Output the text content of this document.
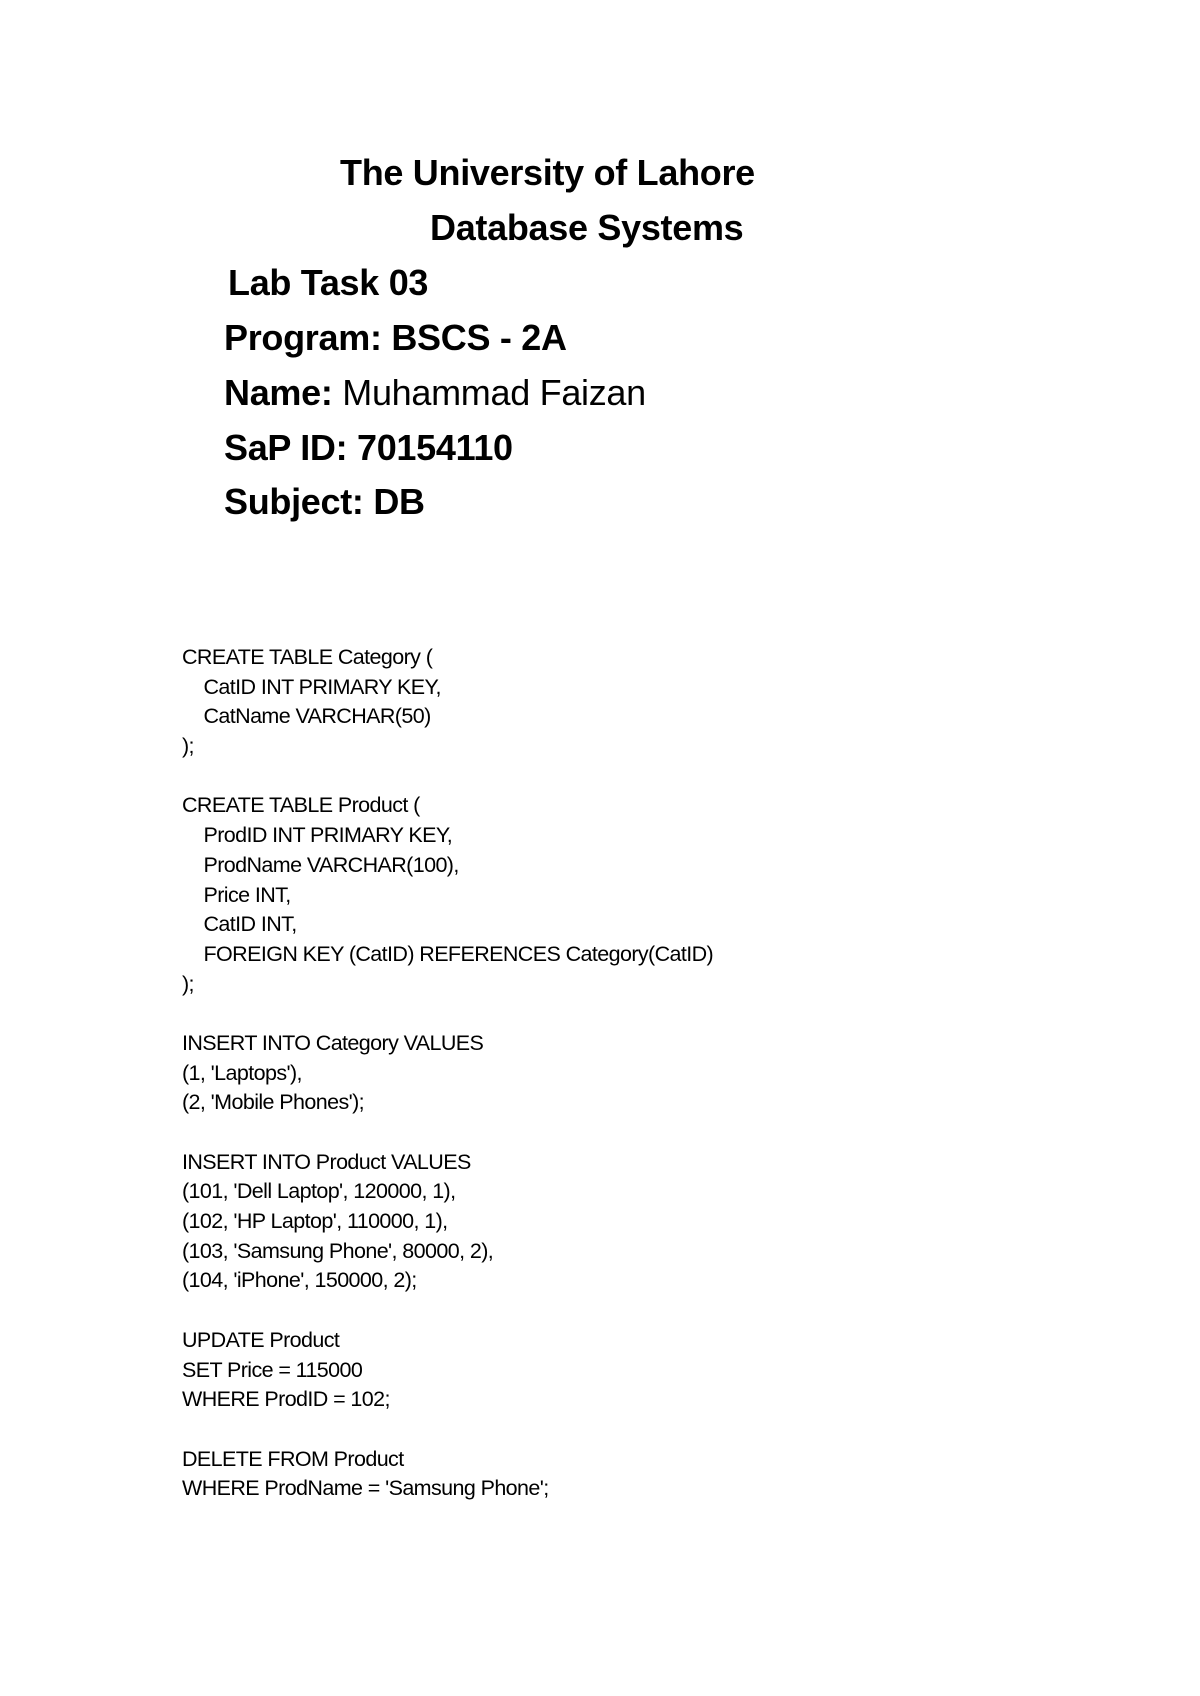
The University of Lahore

Database Systems

Lab Task 03

Program: BSCS - 2A

Name: Muhammad Faizan

SaP ID: 70154110

Subject: DB

CREATE TABLE Category (
CatID INT PRIMARY KEY,
CatName VARCHAR(50)
);
CREATE TABLE Product (
ProdID INT PRIMARY KEY,
ProdName VARCHAR(100),
Price INT,
CatID INT,
FOREIGN KEY (CatID) REFERENCES Category(CatID)
);
INSERT INTO Category VALUES
(1, 'Laptops'),
(2, 'Mobile Phones');
INSERT INTO Product VALUES
(101, 'Dell Laptop', 120000, 1),
(102, 'HP Laptop', 110000, 1),
(103, 'Samsung Phone', 80000, 2),
(104, 'iPhone', 150000, 2);
UPDATE Product
SET Price = 115000
WHERE ProdID = 102;
DELETE FROM Product
WHERE ProdName = 'Samsung Phone';
